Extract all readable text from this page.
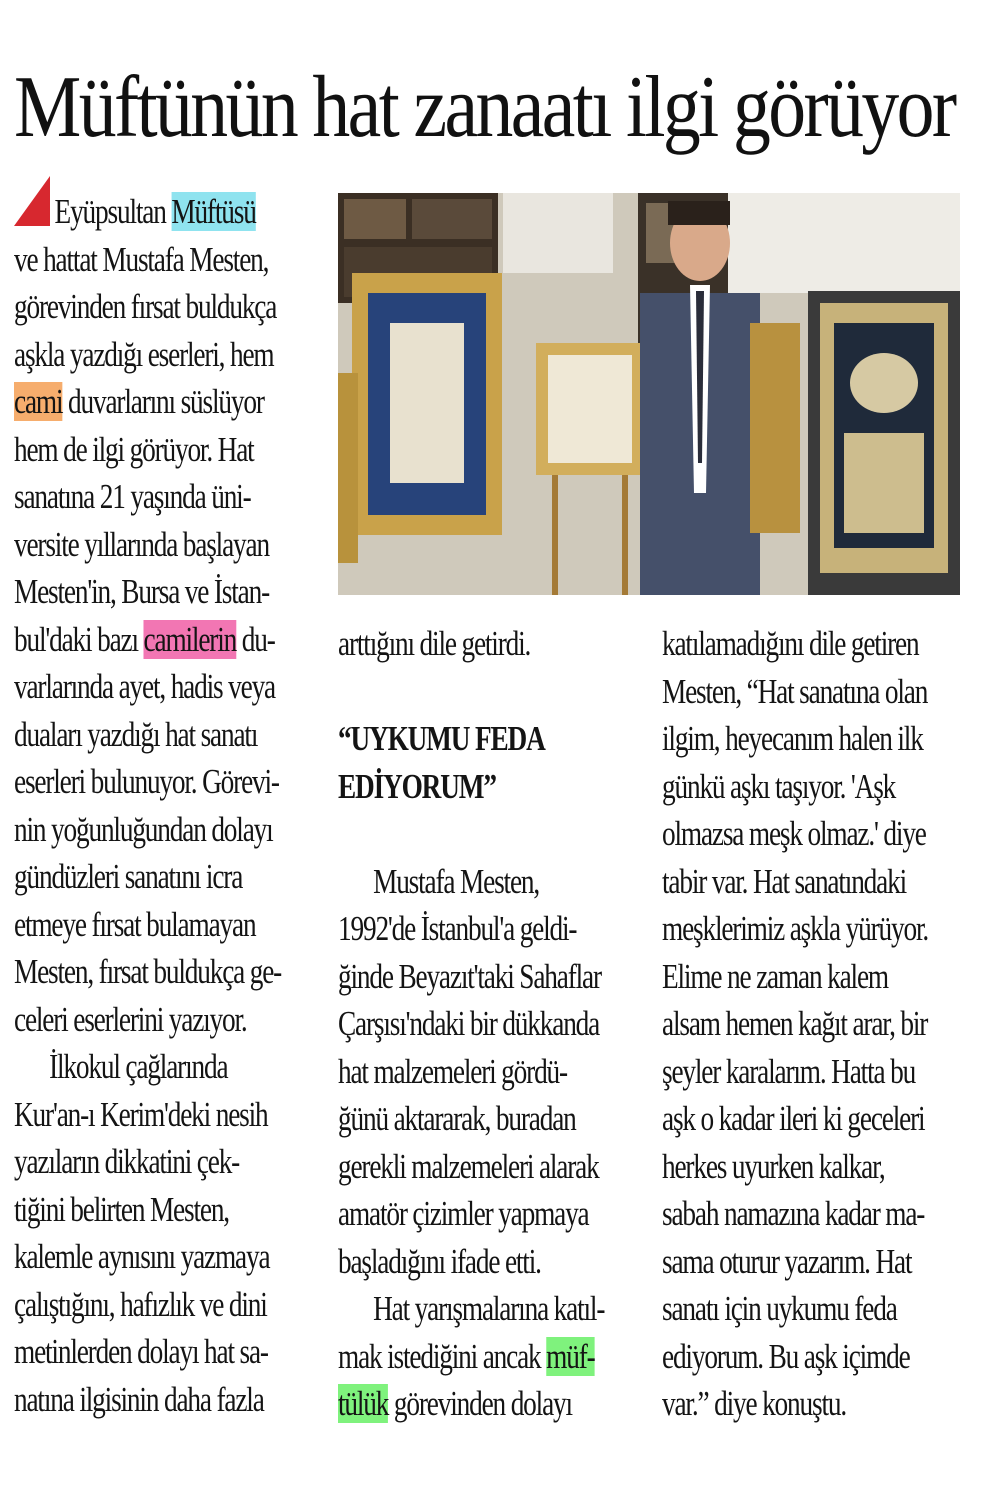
Müftünün hat zanaatı ilgi görüyor
Eyüpsultan Müftüsü
ve hattat Mustafa Mesten,
görevinden fırsat buldukça
aşkla yazdığı eserleri, hem
cami duvarlarını süslüyor
hem de ilgi görüyor. Hat
sanatına 21 yaşında üni-
versite yıllarında başlayan
Mesten'in, Bursa ve İstan-
bul'daki bazı camilerin du-
varlarında ayet, hadis veya
duaları yazdığı hat sanatı
eserleri bulunuyor. Görevi-
nin yoğunluğundan dolayı
gündüzleri sanatını icra
etmeye fırsat bulamayan
Mesten, fırsat buldukça ge-
celeri eserlerini yazıyor.
İlkokul çağlarında
Kur'an-ı Kerim'deki nesih
yazıların dikkatini çek-
tiğini belirten Mesten,
kalemle aynısını yazmaya
çalıştığını, hafızlık ve dini
metinlerden dolayı hat sa-
natına ilgisinin daha fazla
arttığını dile getirdi.
“UYKUMU FEDA
EDİYORUM”
Mustafa Mesten,
1992'de İstanbul'a geldi-
ğinde Beyazıt'taki Sahaflar
Çarşısı'ndaki bir dükkanda
hat malzemeleri gördü-
ğünü aktararak, buradan
gerekli malzemeleri alarak
amatör çizimler yapmaya
başladığını ifade etti.
Hat yarışmalarına katıl-
mak istediğini ancak müf-
tülük görevinden dolayı
katılamadığını dile getiren
Mesten, “Hat sanatına olan
ilgim, heyecanım halen ilk
günkü aşkı taşıyor. 'Aşk
olmazsa meşk olmaz.' diye
tabir var. Hat sanatındaki
meşklerimiz aşkla yürüyor.
Elime ne zaman kalem
alsam hemen kağıt arar, bir
şeyler karalarım. Hatta bu
aşk o kadar ileri ki geceleri
herkes uyurken kalkar,
sabah namazına kadar ma-
sama oturur yazarım. Hat
sanatı için uykumu feda
ediyorum. Bu aşk içimde
var.” diye konuştu.
